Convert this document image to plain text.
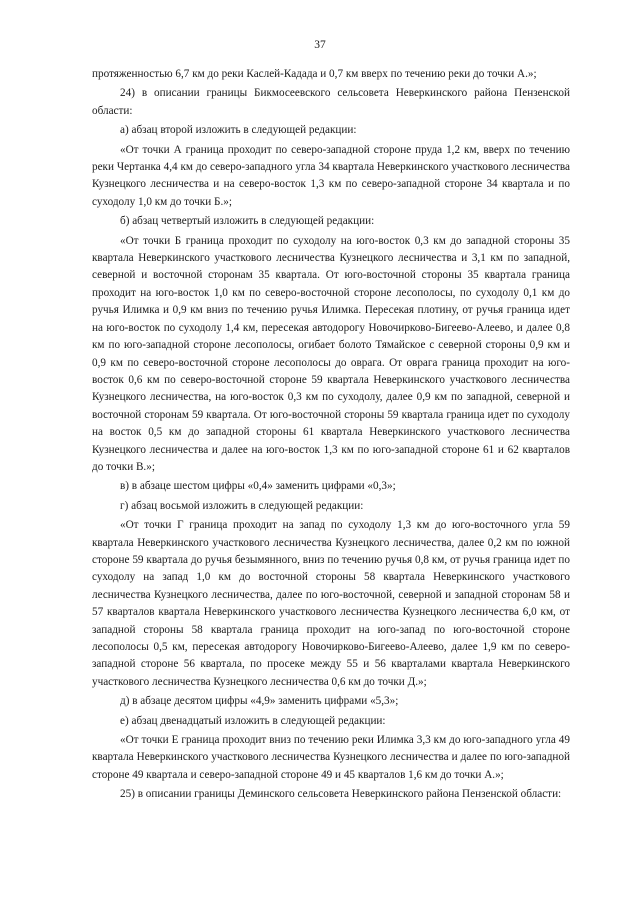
37

протяженностью 6,7 км до реки Каслей-Кадада и 0,7 км вверх по течению реки до точки А.»;

24) в описании границы Бикмосеевского сельсовета Неверкинского района Пензенской области:

а) абзац второй изложить в следующей редакции:

«От точки А граница проходит по северо-западной стороне пруда 1,2 км, вверх по течению реки Чертанка 4,4 км до северо-западного угла 34 квартала Неверкинского участкового лесничества Кузнецкого лесничества и на северо-восток 1,3 км по северо-западной стороне 34 квартала и по суходолу 1,0 км до точки Б.»;

б) абзац четвертый изложить в следующей редакции:

«От точки Б граница проходит по суходолу на юго-восток 0,3 км до западной стороны 35 квартала Неверкинского участкового лесничества Кузнецкого лесничества и 3,1 км по западной, северной и восточной сторонам 35 квартала. От юго-восточной стороны 35 квартала граница проходит на юго-восток 1,0 км по северо-восточной стороне лесополосы, по суходолу 0,1 км до ручья Илимка и 0,9 км вниз по течению ручья Илимка. Пересекая плотину, от ручья граница идет на юго-восток по суходолу 1,4 км, пересекая автодорогу Новочирково-Бигеево-Алеево, и далее 0,8 км по юго-западной стороне лесополосы, огибает болото Тямайское с северной стороны 0,9 км и 0,9 км по северо-восточной стороне лесополосы до оврага. От оврага граница проходит на юго-восток 0,6 км по северо-восточной стороне 59 квартала Неверкинского участкового лесничества Кузнецкого лесничества, на юго-восток 0,3 км по суходолу, далее 0,9 км по западной, северной и восточной сторонам 59 квартала. От юго-восточной стороны 59 квартала граница идет по суходолу на восток 0,5 км до западной стороны 61 квартала Неверкинского участкового лесничества Кузнецкого лесничества и далее на юго-восток 1,3 км по юго-западной стороне 61 и 62 кварталов до точки В.»;

в) в абзаце шестом цифры «0,4» заменить цифрами «0,3»;

г) абзац восьмой изложить в следующей редакции:

«От точки Г граница проходит на запад по суходолу 1,3 км до юго-восточного угла 59 квартала Неверкинского участкового лесничества Кузнецкого лесничества, далее 0,2 км по южной стороне 59 квартала до ручья безымянного, вниз по течению ручья 0,8 км, от ручья граница идет по суходолу на запад 1,0 км до восточной стороны 58 квартала Неверкинского участкового лесничества Кузнецкого лесничества, далее по юго-восточной, северной и западной сторонам 58 и 57 кварталов квартала Неверкинского участкового лесничества Кузнецкого лесничества 6,0 км, от западной стороны 58 квартала граница проходит на юго-запад по юго-восточной стороне лесополосы 0,5 км, пересекая автодорогу Новочирково-Бигеево-Алеево, далее 1,9 км по северо-западной стороне 56 квартала, по просеке между 55 и 56 кварталами квартала Неверкинского участкового лесничества Кузнецкого лесничества 0,6 км до точки Д.»;

д) в абзаце десятом цифры «4,9» заменить цифрами «5,3»;

е) абзац двенадцатый изложить в следующей редакции:

«От точки Е граница проходит вниз по течению реки Илимка 3,3 км до юго-западного угла 49 квартала Неверкинского участкового лесничества Кузнецкого лесничества и далее по юго-западной стороне 49 квартала и северо-западной стороне 49 и 45 кварталов 1,6 км до точки А.»;

25) в описании границы Деминского сельсовета Неверкинского района Пензенской области:
